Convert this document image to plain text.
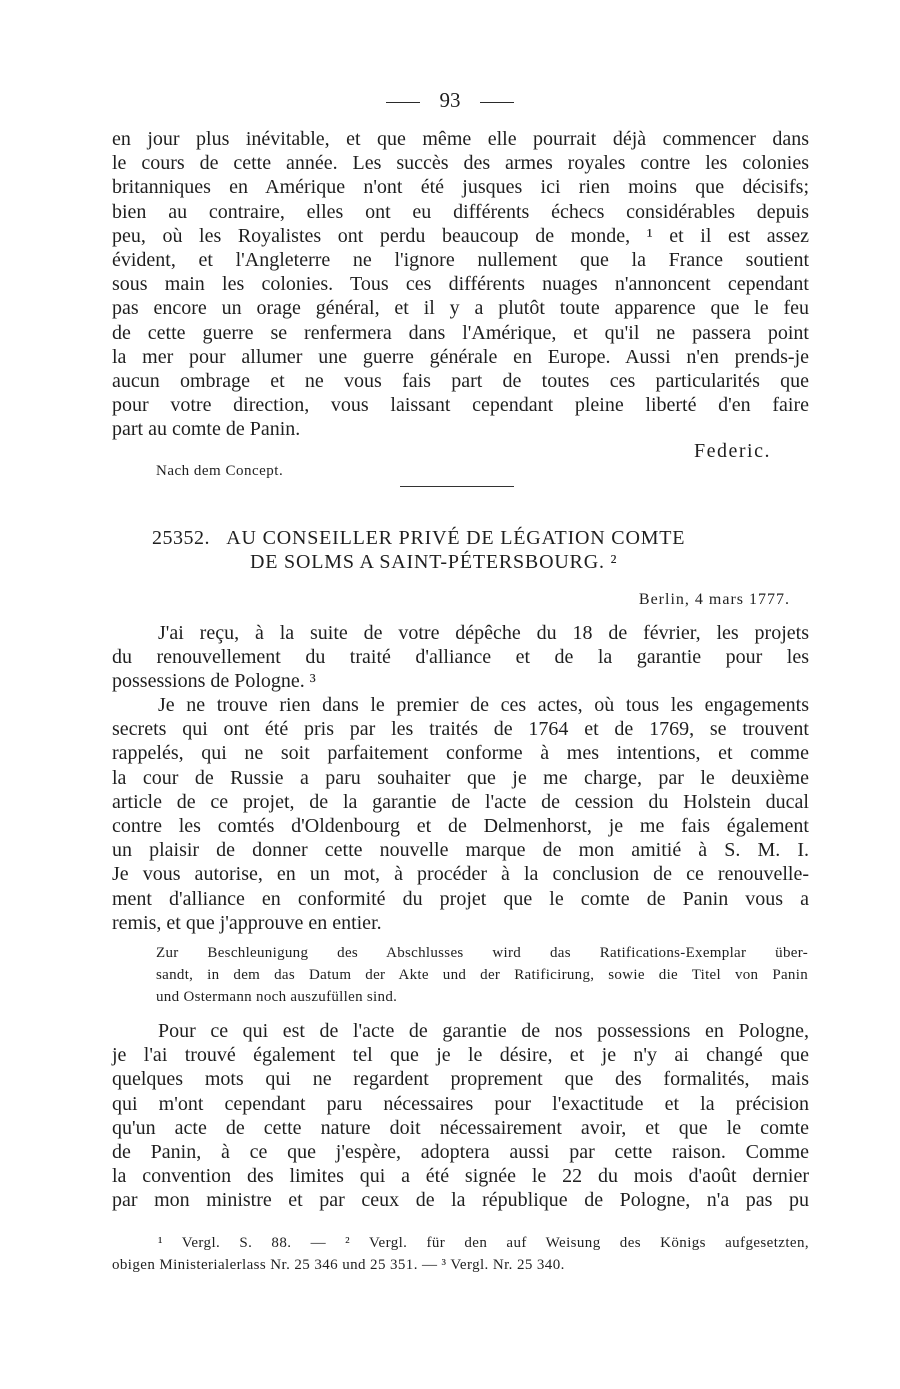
93
en jour plus inévitable, et que même elle pourrait déjà commencer dans
le cours de cette année. Les succès des armes royales contre les colonies
britanniques en Amérique n'ont été jusques ici rien moins que décisifs;
bien au contraire, elles ont eu différents échecs considérables depuis
peu, où les Royalistes ont perdu beaucoup de monde, ¹ et il est assez
évident, et l'Angleterre ne l'ignore nullement que la France soutient
sous main les colonies. Tous ces différents nuages n'annoncent cependant
pas encore un orage général, et il y a plutôt toute apparence que le feu
de cette guerre se renfermera dans l'Amérique, et qu'il ne passera point
la mer pour allumer une guerre générale en Europe. Aussi n'en prends-je
aucun ombrage et ne vous fais part de toutes ces particularités que
pour votre direction, vous laissant cependant pleine liberté d'en faire
part au comte de Panin.
Federic.
Nach dem Concept.
25352. AU CONSEILLER PRIVÉ DE LÉGATION COMTE
DE SOLMS A SAINT-PÉTERSBOURG. ²
Berlin, 4 mars 1777.
J'ai reçu, à la suite de votre dépêche du 18 de février, les projets
du renouvellement du traité d'alliance et de la garantie pour les
possessions de Pologne. ³
Je ne trouve rien dans le premier de ces actes, où tous les engagements
secrets qui ont été pris par les traités de 1764 et de 1769, se trouvent
rappelés, qui ne soit parfaitement conforme à mes intentions, et comme
la cour de Russie a paru souhaiter que je me charge, par le deuxième
article de ce projet, de la garantie de l'acte de cession du Holstein ducal
contre les comtés d'Oldenbourg et de Delmenhorst, je me fais également
un plaisir de donner cette nouvelle marque de mon amitié à S. M. I.
Je vous autorise, en un mot, à procéder à la conclusion de ce renouvelle-
ment d'alliance en conformité du projet que le comte de Panin vous a
remis, et que j'approuve en entier.
Zur Beschleunigung des Abschlusses wird das Ratifications-Exemplar über-
sandt, in dem das Datum der Akte und der Ratificirung, sowie die Titel von Panin
und Ostermann noch auszufüllen sind.
Pour ce qui est de l'acte de garantie de nos possessions en Pologne,
je l'ai trouvé également tel que je le désire, et je n'y ai changé que
quelques mots qui ne regardent proprement que des formalités, mais
qui m'ont cependant paru nécessaires pour l'exactitude et la précision
qu'un acte de cette nature doit nécessairement avoir, et que le comte
de Panin, à ce que j'espère, adoptera aussi par cette raison. Comme
la convention des limites qui a été signée le 22 du mois d'août dernier
par mon ministre et par ceux de la république de Pologne, n'a pas pu
¹ Vergl. S. 88. — ² Vergl. für den auf Weisung des Königs aufgesetzten,
obigen Ministerialerlass Nr. 25 346 und 25 351. — ³ Vergl. Nr. 25 340.
